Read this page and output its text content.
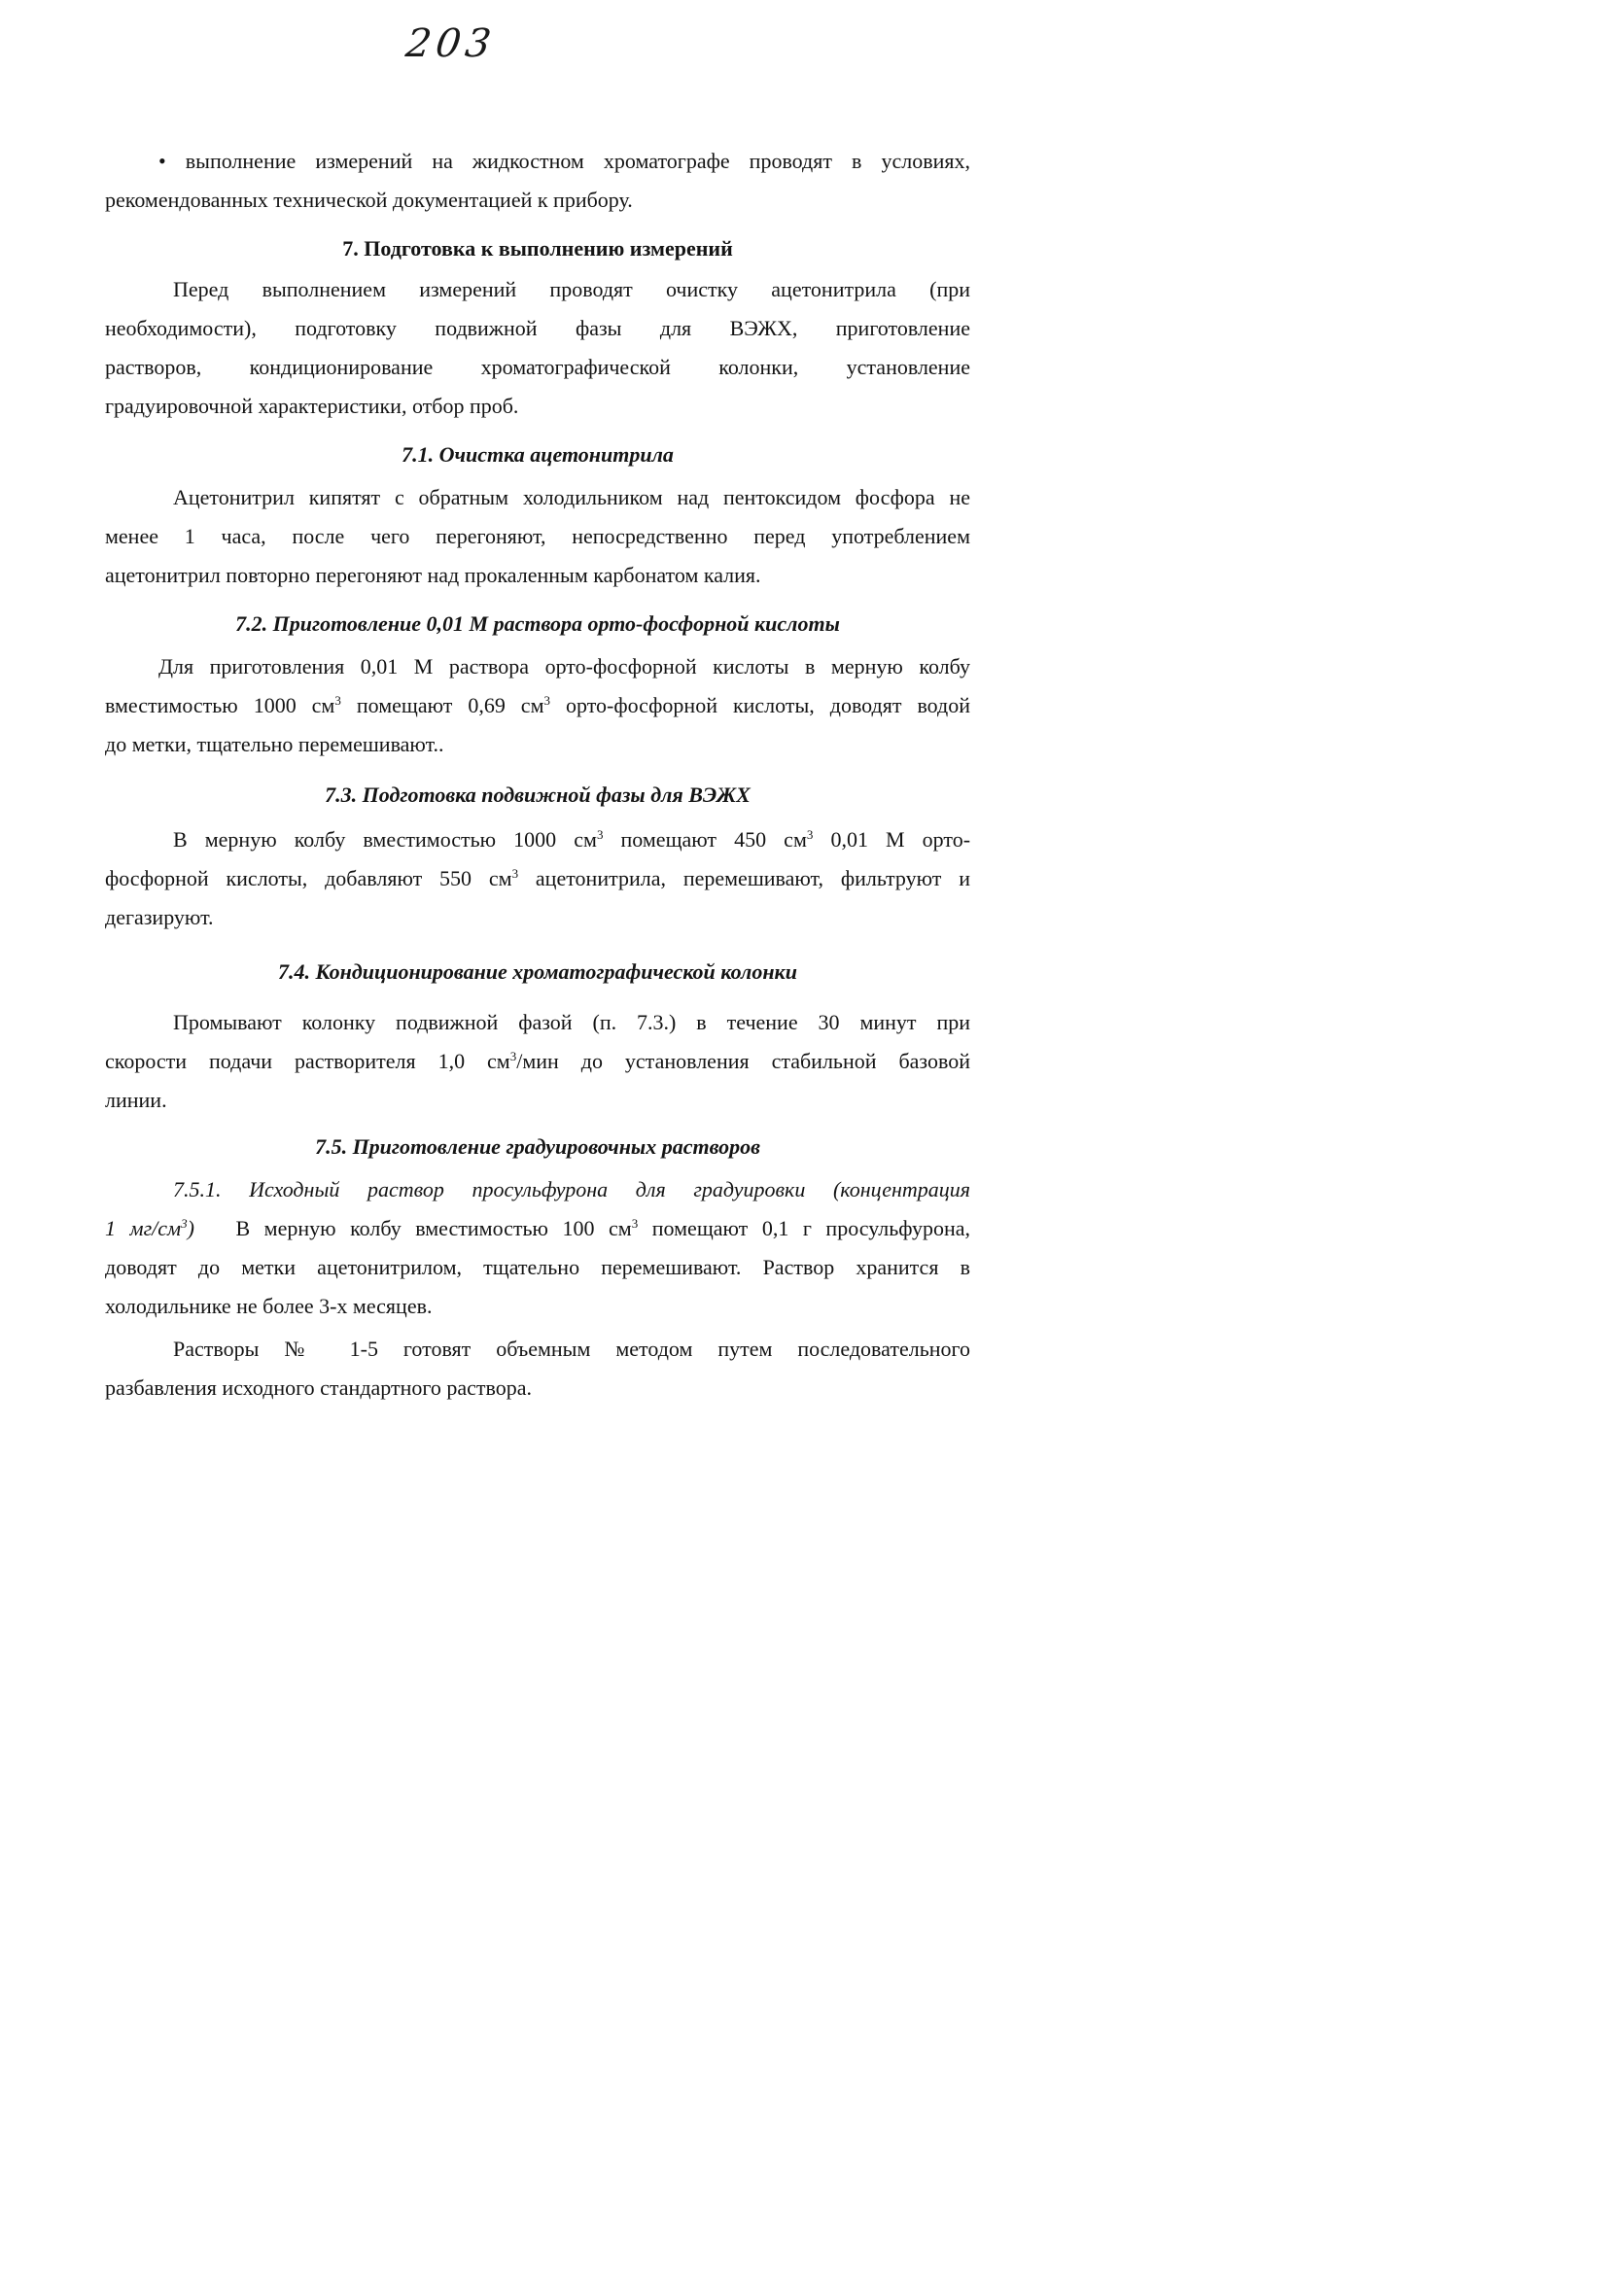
203
• выполнение измерений на жидкостном хроматографе проводят в условиях,
рекомендованных технической документацией к прибору.
7. Подготовка к выполнению измерений
Перед выполнением измерений проводят очистку ацетонитрила (при
необходимости), подготовку подвижной фазы для ВЭЖХ, приготовление
растворов, кондиционирование хроматографической колонки, установление
градуировочной характеристики, отбор проб.
7.1. Очистка ацетонитрила
Ацетонитрил кипятят с обратным холодильником над пентоксидом фосфора не
менее 1 часа, после чего перегоняют, непосредственно перед употреблением
ацетонитрил повторно перегоняют над прокаленным карбонатом калия.
7.2. Приготовление 0,01 М раствора орто-фосфорной кислоты
Для приготовления 0,01 М раствора орто-фосфорной кислоты в мерную колбу
вместимостью 1000 $см^3$ помещают 0,69 $см^3$ орто-фосфорной кислоты, доводят водой
до метки, тщательно перемешивают..
7.3. Подготовка подвижной фазы для ВЭЖХ
В мерную колбу вместимостью 1000 $см^3$ помещают 450 $см^3$ 0,01 М орто-
фосфорной кислоты, добавляют 550 $см^3$ ацетонитрила, перемешивают, фильтруют и
дегазируют.
7.4. Кондиционирование хроматографической колонки
Промывают колонку подвижной фазой (п. 7.3.) в течение 30 минут при
скорости подачи растворителя 1,0 $см^3$/мин до установления стабильной базовой
линии.
7.5. Приготовление градуировочных растворов
7.5.1. Исходный раствор просульфурона для градуировки (концентрация
1 $мг/см^3$) В мерную колбу вместимостью 100 $см^3$ помещают 0,1 г просульфурона,
доводят до метки ацетонитрилом, тщательно перемешивают. Раствор хранится в
холодильнике не более 3-х месяцев.
Растворы № 1-5 готовят объемным методом путем последовательного
разбавления исходного стандартного раствора.
